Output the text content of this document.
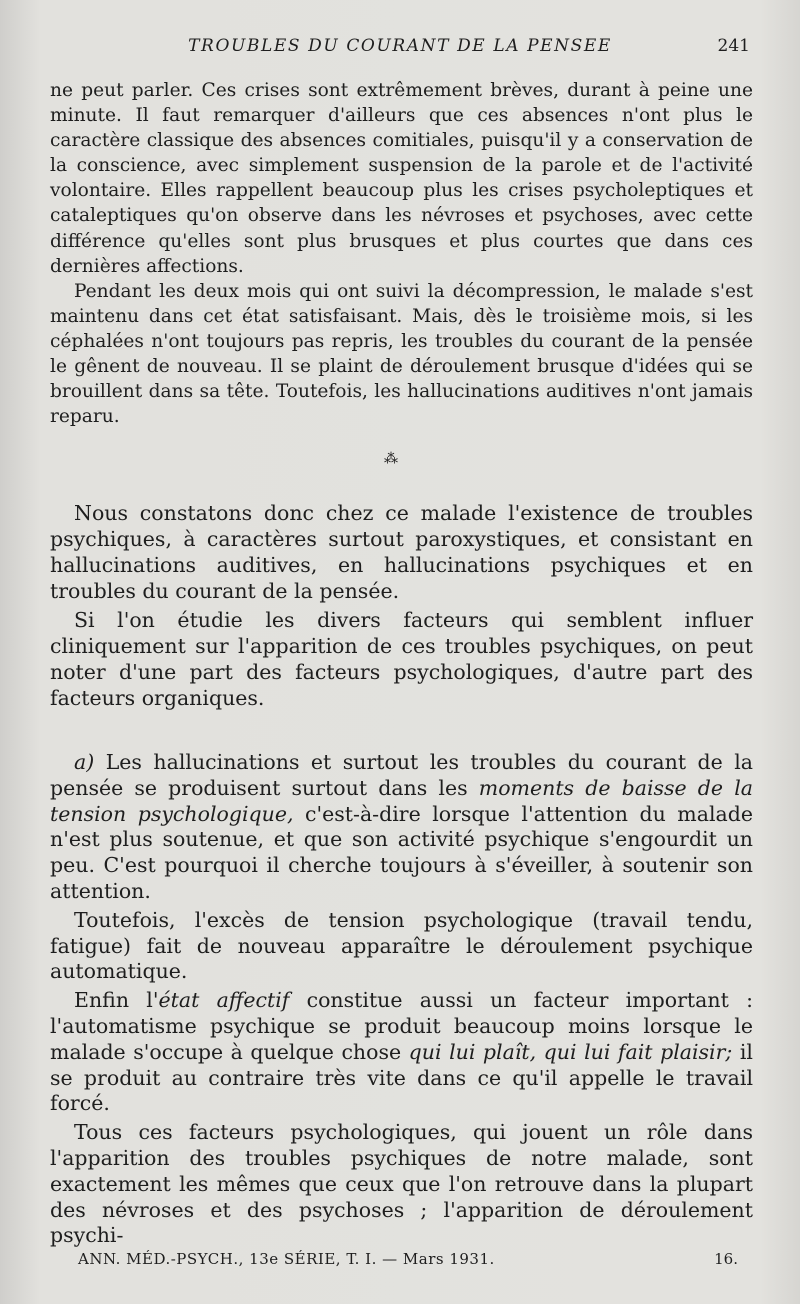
TROUBLES DU COURANT DE LA PENSEE	241

ne peut parler. Ces crises sont extrêmement brèves, durant à peine une minute. Il faut remarquer d'ailleurs que ces absences n'ont plus le caractère classique des absences comitiales, puisqu'il y a conservation de la conscience, avec simplement suspension de la parole et de l'activité volontaire. Elles rappellent beaucoup plus les crises psycholeptiques et cataleptiques qu'on observe dans les névroses et psychoses, avec cette différence qu'elles sont plus brusques et plus courtes que dans ces dernières affections.

Pendant les deux mois qui ont suivi la décompression, le malade s'est maintenu dans cet état satisfaisant. Mais, dès le troisième mois, si les céphalées n'ont toujours pas repris, les troubles du courant de la pensée le gênent de nouveau. Il se plaint de déroulement brusque d'idées qui se brouillent dans sa tête. Toutefois, les hallucinations auditives n'ont jamais reparu.

⁂

Nous constatons donc chez ce malade l'existence de troubles psychiques, à caractères surtout paroxystiques, et consistant en hallucinations auditives, en hallucinations psychiques et en troubles du courant de la pensée.

Si l'on étudie les divers facteurs qui semblent influer cliniquement sur l'apparition de ces troubles psychiques, on peut noter d'une part des facteurs psychologiques, d'autre part des facteurs organiques.

a) Les hallucinations et surtout les troubles du courant de la pensée se produisent surtout dans les moments de baisse de la tension psychologique, c'est-à-dire lorsque l'attention du malade n'est plus soutenue, et que son activité psychique s'engourdit un peu. C'est pourquoi il cherche toujours à s'éveiller, à soutenir son attention.

Toutefois, l'excès de tension psychologique (travail tendu, fatigue) fait de nouveau apparaître le déroulement psychique automatique.

Enfin l'état affectif constitue aussi un facteur important : l'automatisme psychique se produit beaucoup moins lorsque le malade s'occupe à quelque chose qui lui plaît, qui lui fait plaisir; il se produit au contraire très vite dans ce qu'il appelle le travail forcé.

Tous ces facteurs psychologiques, qui jouent un rôle dans l'apparition des troubles psychiques de notre malade, sont exactement les mêmes que ceux que l'on retrouve dans la plupart des névroses et des psychoses ; l'apparition de déroulement psychi-

ANN. MÉD.-PSYCH., 13e SÉRIE, T. I. — Mars 1931.	16.
